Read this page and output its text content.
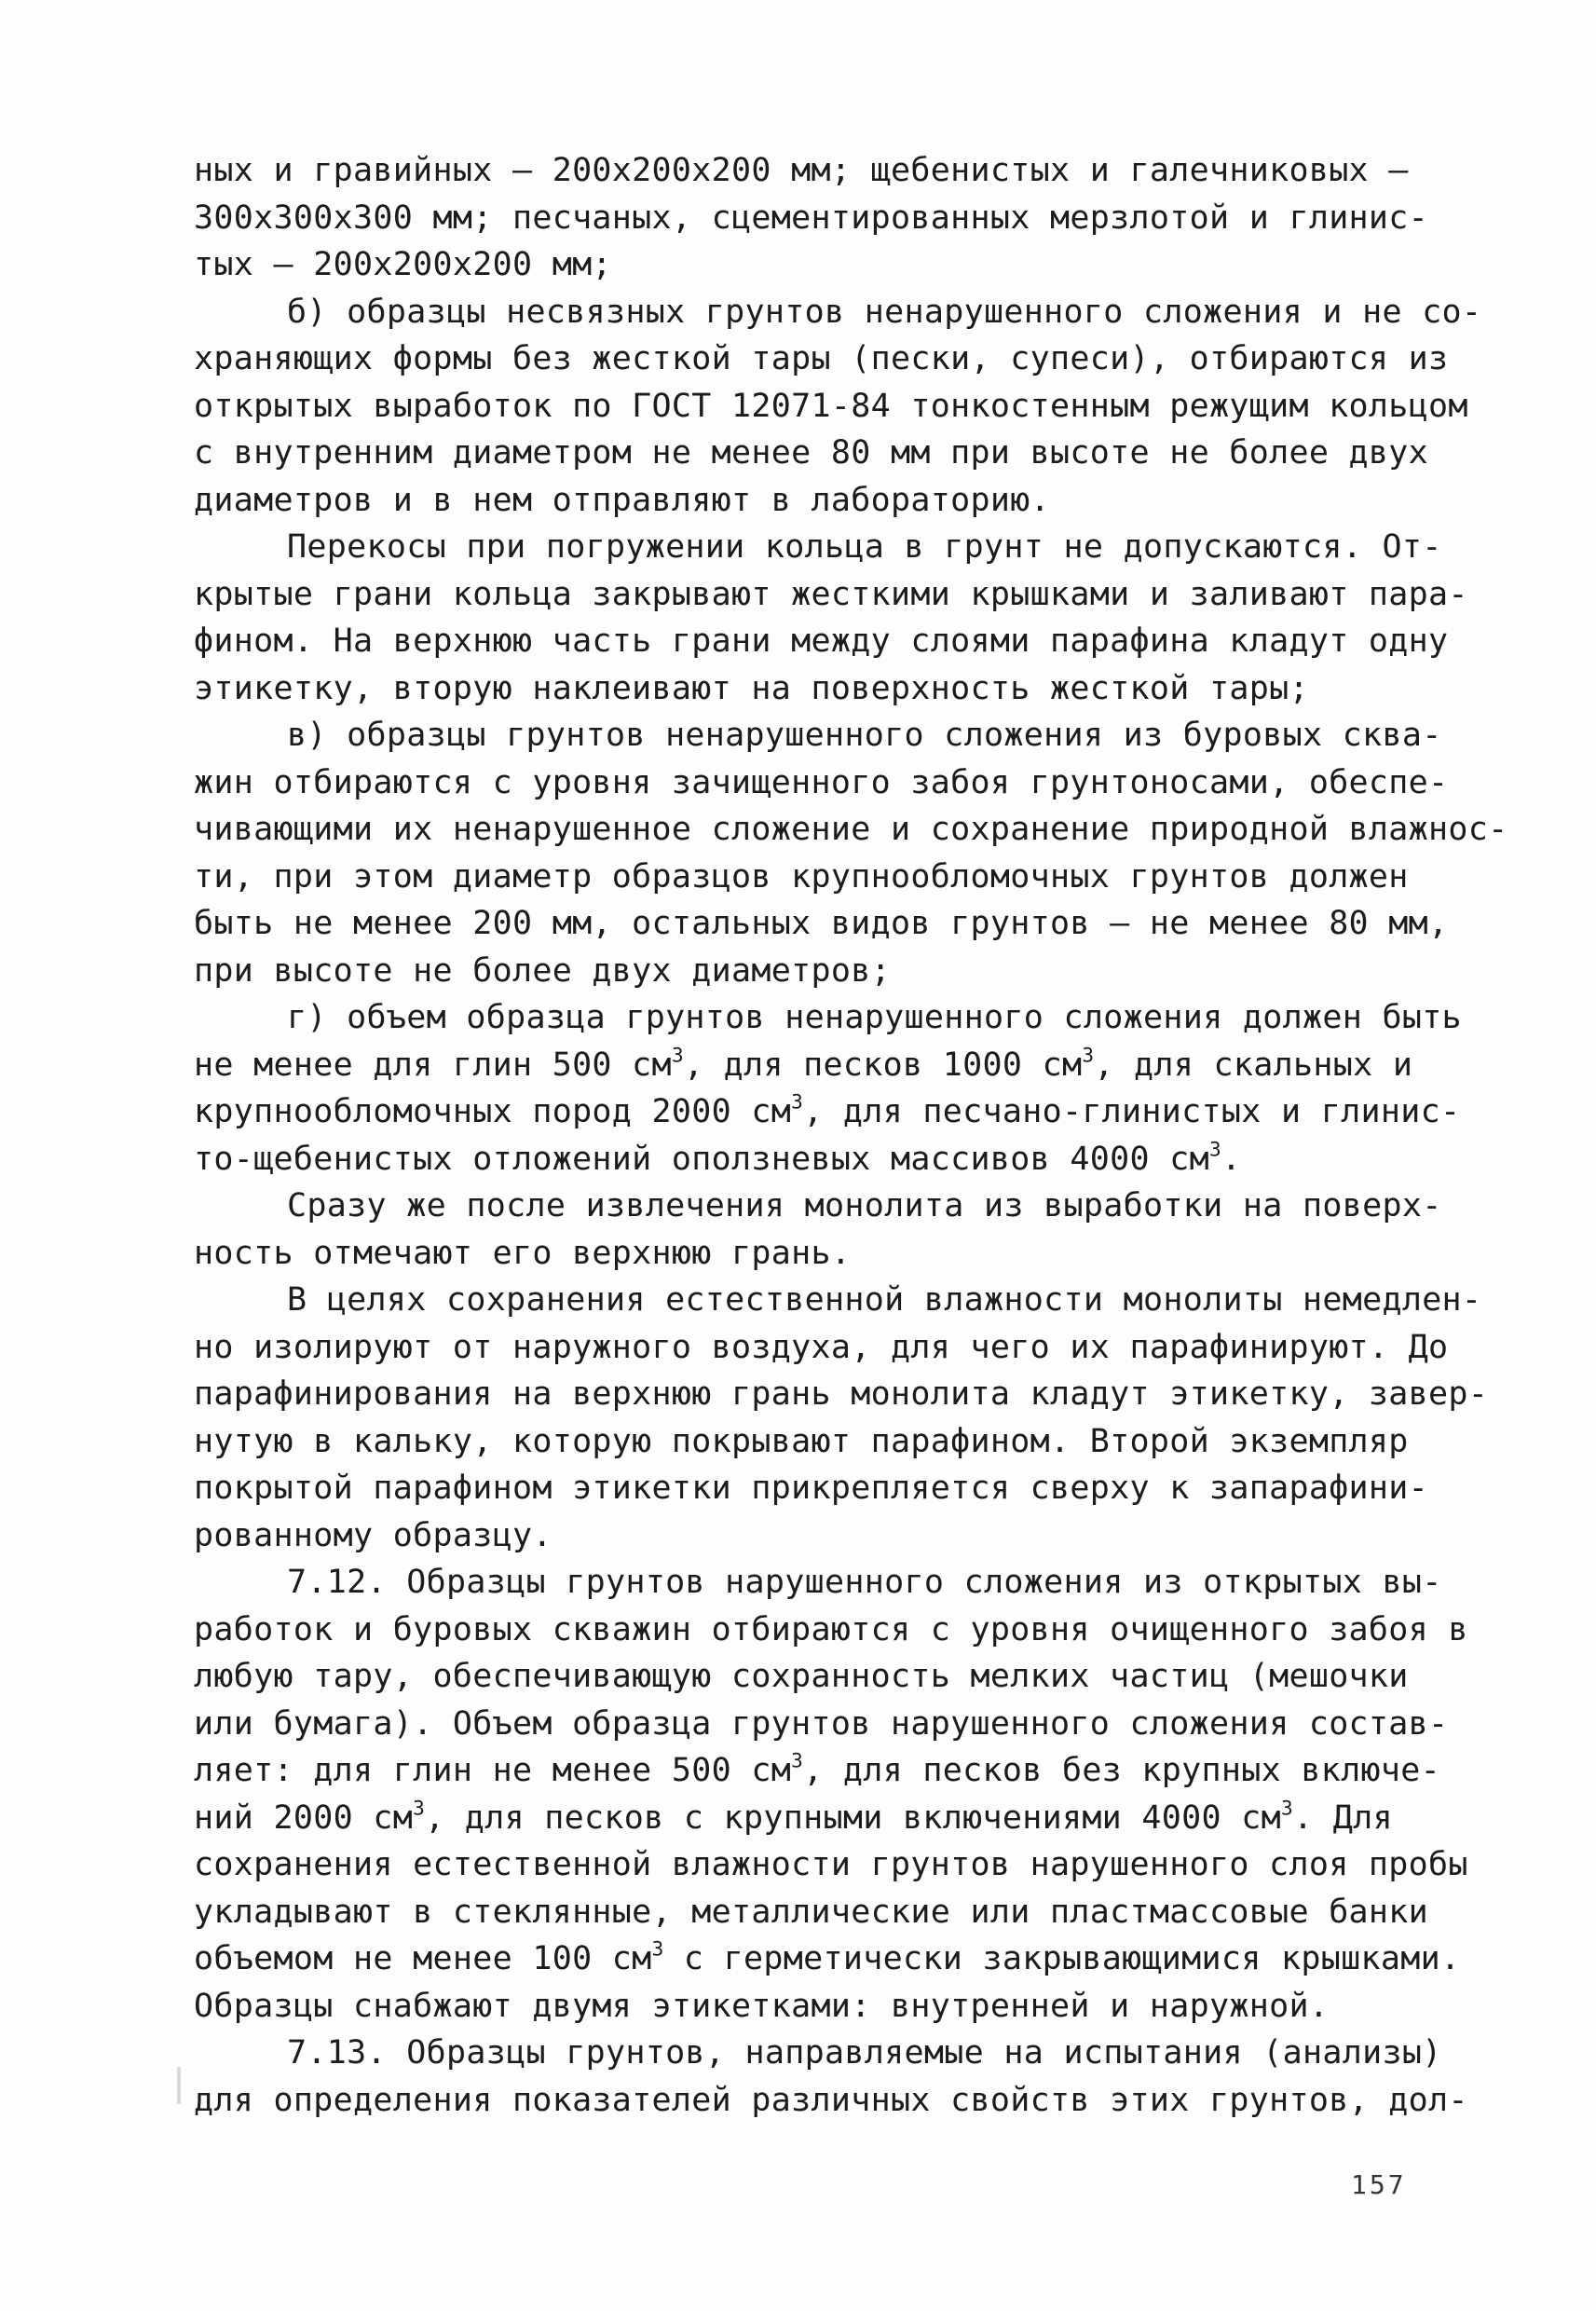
ных и гравийных – 200х200х200 мм; щебенистых и галечниковых –
300х300х300 мм; песчаных, сцементированных мерзлотой и глинис-
тых – 200х200х200 мм;
б) образцы несвязных грунтов ненарушенного сложения и не со-
храняющих формы без жесткой тары (пески, супеси), отбираются из
открытых выработок по ГОСТ 12071-84 тонкостенным режущим кольцом
с внутренним диаметром не менее 80 мм при высоте не более двух
диаметров и в нем отправляют в лабораторию.
Перекосы при погружении кольца в грунт не допускаются. От-
крытые грани кольца закрывают жесткими крышками и заливают пара-
фином. На верхнюю часть грани между слоями парафина кладут одну
этикетку, вторую наклеивают на поверхность жесткой тары;
в) образцы грунтов ненарушенного сложения из буровых сква-
жин отбираются с уровня зачищенного забоя грунтоносами, обеспе-
чивающими их ненарушенное сложение и сохранение природной влажнос-
ти, при этом диаметр образцов крупнообломочных грунтов должен
быть не менее 200 мм, остальных видов грунтов – не менее 80 мм,
при высоте не более двух диаметров;
г) объем образца грунтов ненарушенного сложения должен быть
не менее для глин 500 $см^3$, для песков 1000 $см^3$, для скальных и
крупнообломочных пород 2000 $см^3$, для песчано-глинистых и глинис-
то-щебенистых отложений оползневых массивов 4000 $см^3$.
Сразу же после извлечения монолита из выработки на поверх-
ность отмечают его верхнюю грань.
В целях сохранения естественной влажности монолиты немедлен-
но изолируют от наружного воздуха, для чего их парафинируют. До
парафинирования на верхнюю грань монолита кладут этикетку, завер-
нутую в кальку, которую покрывают парафином. Второй экземпляр
покрытой парафином этикетки прикрепляется сверху к запарафини-
рованному образцу.
7.12. Образцы грунтов нарушенного сложения из открытых вы-
работок и буровых скважин отбираются с уровня очищенного забоя в
любую тару, обеспечивающую сохранность мелких частиц (мешочки
или бумага). Объем образца грунтов нарушенного сложения состав-
ляет: для глин не менее 500 $см^3$, для песков без крупных включе-
ний 2000 $см^3$, для песков с крупными включениями 4000 $см^3$. Для
сохранения естественной влажности грунтов нарушенного слоя пробы
укладывают в стеклянные, металлические или пластмассовые банки
объемом не менее 100 $см^3$ с герметически закрывающимися крышками.
Образцы снабжают двумя этикетками: внутренней и наружной.
7.13. Образцы грунтов, направляемые на испытания (анализы)
для определения показателей различных свойств этих грунтов, дол-
157
